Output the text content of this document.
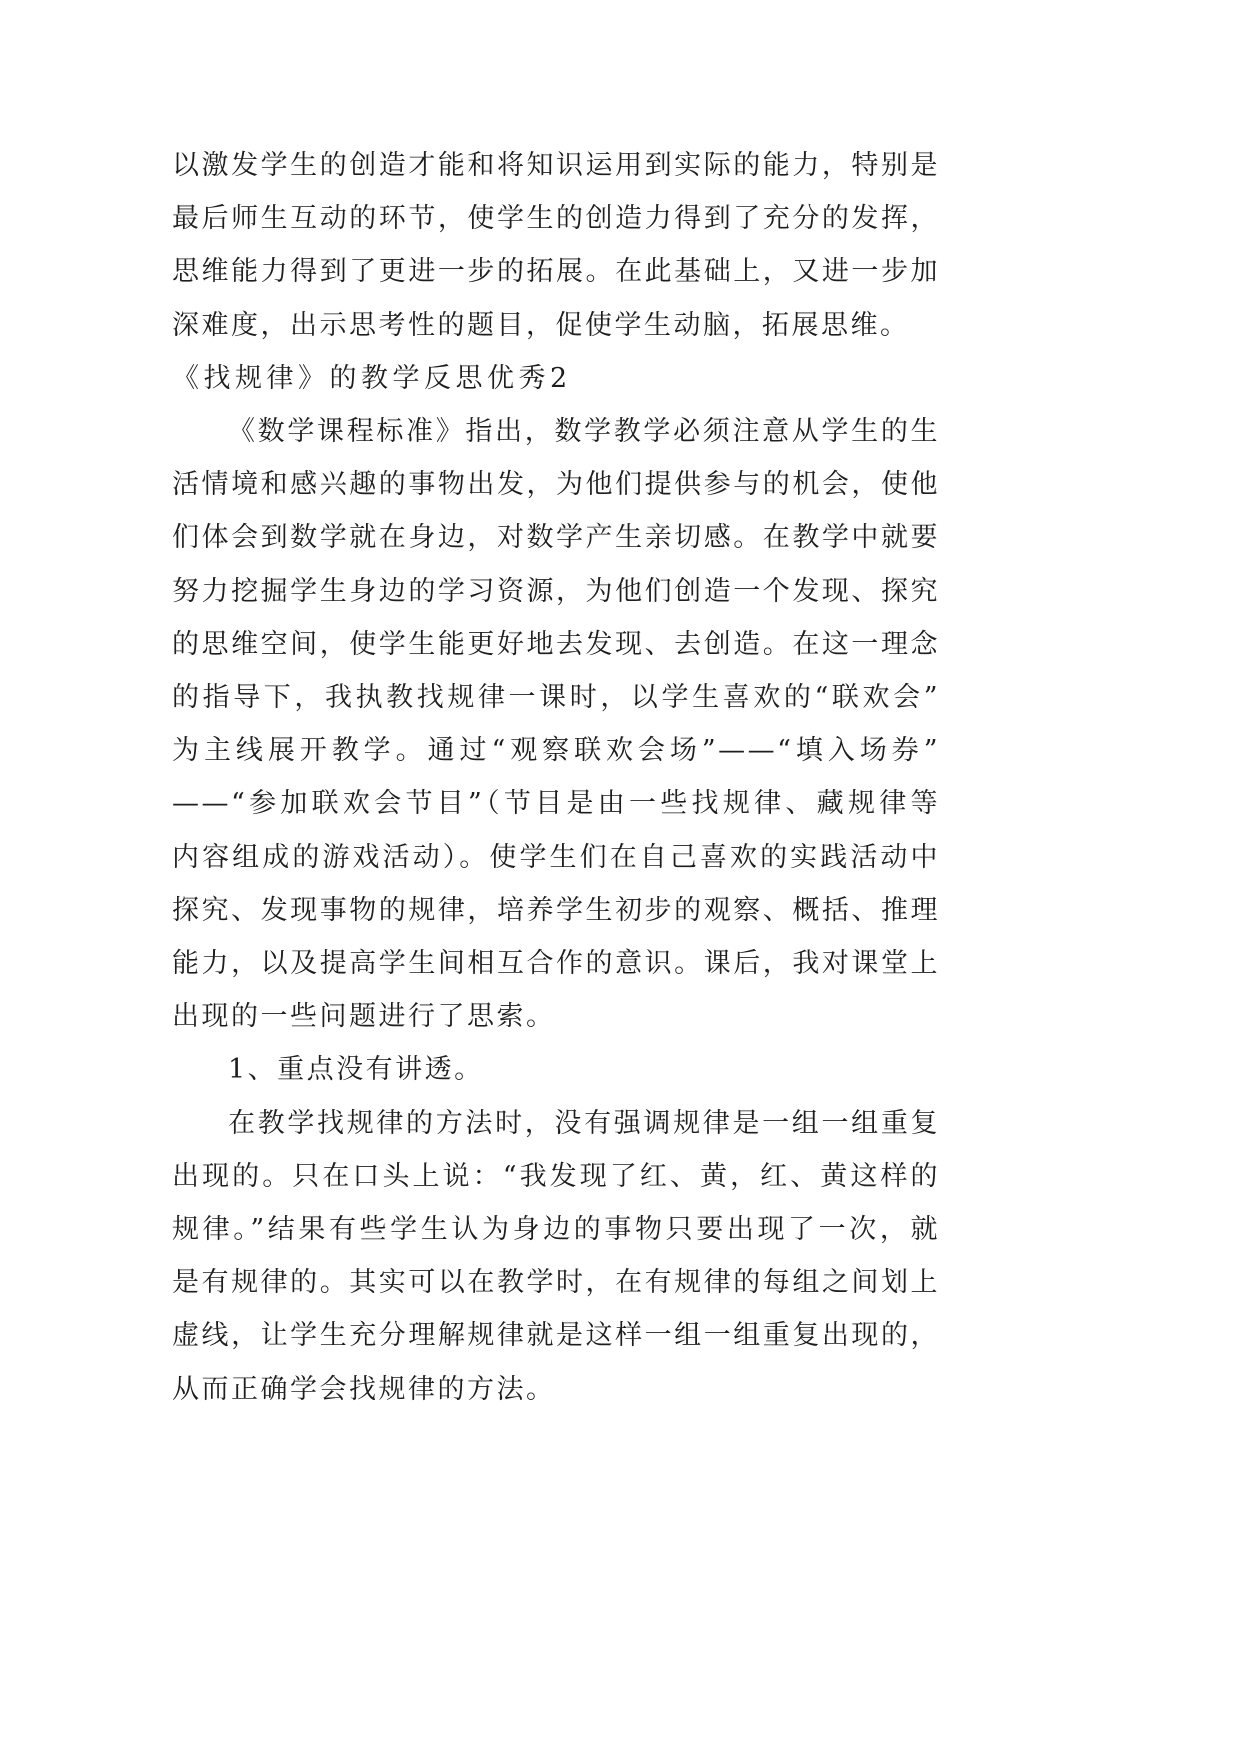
以激发学生的创造才能和将知识运用到实际的能力，特别是
最后师生互动的环节，使学生的创造力得到了充分的发挥，
思维能力得到了更进一步的拓展。在此基础上，又进一步加
深难度，出示思考性的题目，促使学生动脑，拓展思维。
《找规律》的教学反思优秀2
《数学课程标准》指出，数学教学必须注意从学生的生
活情境和感兴趣的事物出发，为他们提供参与的机会，使他
们体会到数学就在身边，对数学产生亲切感。在教学中就要
努力挖掘学生身边的学习资源，为他们创造一个发现、探究
的思维空间，使学生能更好地去发现、去创造。在这一理念
的指导下，我执教找规律一课时，以学生喜欢的“联欢会”
为主线展开教学。通过“观察联欢会场”——“填入场券”
——“参加联欢会节目”（节目是由一些找规律、藏规律等
内容组成的游戏活动）。使学生们在自己喜欢的实践活动中
探究、发现事物的规律，培养学生初步的观察、概括、推理
能力，以及提高学生间相互合作的意识。课后，我对课堂上
出现的一些问题进行了思索。
1、重点没有讲透。
在教学找规律的方法时，没有强调规律是一组一组重复
出现的。只在口头上说：“我发现了红、黄，红、黄这样的
规律。”结果有些学生认为身边的事物只要出现了一次，就
是有规律的。其实可以在教学时，在有规律的每组之间划上
虚线，让学生充分理解规律就是这样一组一组重复出现的，
从而正确学会找规律的方法。
